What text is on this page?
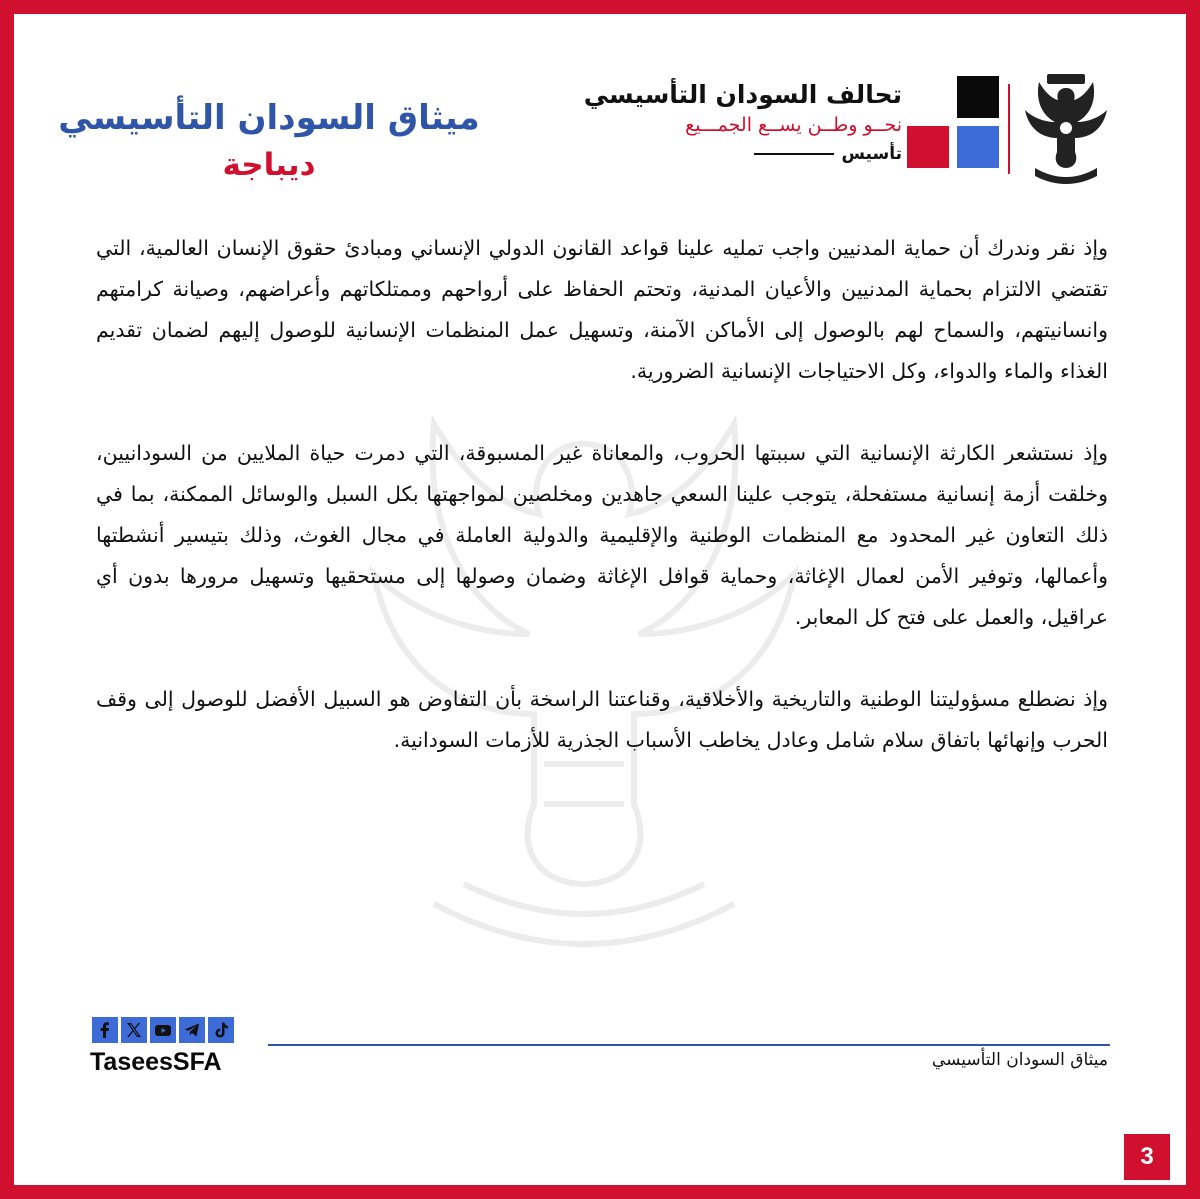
تحالف السودان التأسيسي
نحــو وطــن يســع الجمـــيع
تأسيس
ميثاق السودان التأسيسي
ديباجة

وإذ نقر وندرك أن حماية المدنيين واجب تمليه علينا قواعد القانون الدولي الإنساني ومبادئ حقوق الإنسان العالمية، التي تقتضي الالتزام بحماية المدنيين والأعيان المدنية، وتحتم الحفاظ على أرواحهم وممتلكاتهم وأعراضهم، وصيانة كرامتهم وانسانيتهم، والسماح لهم بالوصول إلى الأماكن الآمنة، وتسهيل عمل المنظمات الإنسانية للوصول إليهم لضمان تقديم الغذاء والماء والدواء، وكل الاحتياجات الإنسانية الضرورية.

وإذ نستشعر الكارثة الإنسانية التي سببتها الحروب، والمعاناة غير المسبوقة، التي دمرت حياة الملايين من السودانيين، وخلقت أزمة إنسانية مستفحلة، يتوجب علينا السعي جاهدين ومخلصين لمواجهتها بكل السبل والوسائل الممكنة، بما في ذلك التعاون غير المحدود مع المنظمات الوطنية والإقليمية والدولية العاملة في مجال الغوث، وذلك بتيسير أنشطتها وأعمالها، وتوفير الأمن لعمال الإغاثة، وحماية قوافل الإغاثة وضمان وصولها إلى مستحقيها وتسهيل مرورها بدون أي عراقيل، والعمل على فتح كل المعابر.

وإذ نضطلع مسؤوليتنا الوطنية والتاريخية والأخلاقية، وقناعتنا الراسخة بأن التفاوض هو السبيل الأفضل للوصول إلى وقف الحرب وإنهائها باتفاق سلام شامل وعادل يخاطب الأسباب الجذرية للأزمات السودانية.

TaseesSFA	ميثاق السودان التأسيسي
3
